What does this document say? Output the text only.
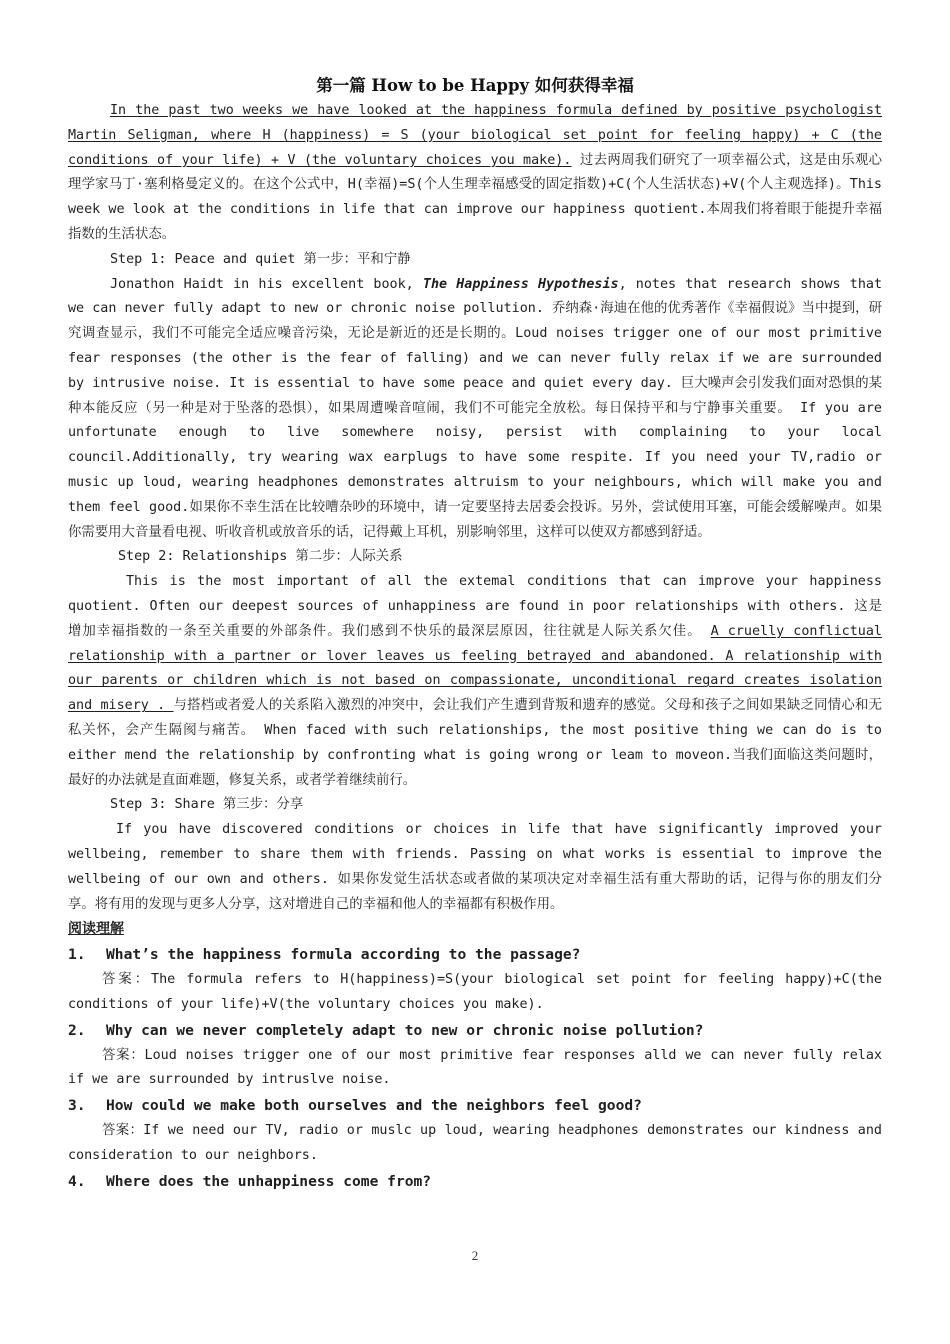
第一篇 How to be Happy 如何获得幸福

In the past two weeks we have looked at the happiness formula defined by positive psychologist Martin Seligman, where H (happiness) = S (your biological set point for feeling happy) + C (the conditions of your life) + V (the voluntary choices you make). 过去两周我们研究了一项幸福公式，这是由乐观心理学家马丁·塞利格曼定义的。在这个公式中，H(幸福)=S(个人生理幸福感受的固定指数)+C(个人生活状态)+V(个人主观选择)。This week we look at the conditions in life that can improve our happiness quotient.本周我们将着眼于能提升幸福指数的生活状态。

Step 1: Peace and quiet 第一步：平和宁静

Jonathon Haidt in his excellent book, The Happiness Hypothesis, notes that research shows that we can never fully adapt to new or chronic noise pollution. 乔纳森·海迪在他的优秀著作《幸福假说》当中提到，研究调查显示，我们不可能完全适应噪音污染，无论是新近的还是长期的。Loud noises trigger one of our most primitive fear responses (the other is the fear of falling) and we can never fully relax if we are surrounded by intrusive noise. It is essential to have some peace and quiet every day. 巨大噪声会引发我们面对恐惧的某种本能反应（另一种是对于坠落的恐惧），如果周遭噪音喧闹，我们不可能完全放松。每日保持平和与宁静事关重要。 If you are unfortunate enough to live somewhere noisy, persist with complaining to your local council.Additionally, try wearing wax earplugs to have some respite. If you need your TV,radio or music up loud, wearing headphones demonstrates altruism to your neighbours, which will make you and them feel good.如果你不幸生活在比较嘈杂吵的环境中，请一定要坚持去居委会投诉。另外，尝试使用耳塞，可能会缓解噪声。如果你需要用大音量看电视、听收音机或放音乐的话，记得戴上耳机，别影响邻里，这样可以使双方都感到舒适。

Step 2: Relationships 第二步：人际关系

This is the most important of all the extemal conditions that can improve your happiness quotient. Often our deepest sources of unhappiness are found in poor relationships with others. 这是增加幸福指数的一条至关重要的外部条件。我们感到不快乐的最深层原因，往往就是人际关系欠佳。 A cruelly conflictual relationship with a partner or lover leaves us feeling betrayed and abandoned. A relationship with our parents or children which is not based on compassionate, unconditional regard creates isolation and misery . 与搭档或者爱人的关系陷入激烈的冲突中，会让我们产生遭到背叛和遗弃的感觉。父母和孩子之间如果缺乏同情心和无私关怀，会产生隔阂与痛苦。 When faced with such relationships, the most positive thing we can do is to either mend the relationship by confronting what is going wrong or leam to moveon.当我们面临这类问题时，最好的办法就是直面难题，修复关系，或者学着继续前行。

Step 3: Share 第三步：分享

If you have discovered conditions or choices in life that have significantly improved your wellbeing, remember to share them with friends. Passing on what works is essential to improve the wellbeing of our own and others. 如果你发觉生活状态或者做的某项决定对幸福生活有重大帮助的话，记得与你的朋友们分享。将有用的发现与更多人分享，这对增进自己的幸福和他人的幸福都有积极作用。

阅读理解

1.	What’s the happiness formula according to the passage?

答案：The formula refers to H(happiness)=S(your biological set point for feeling happy)+C(the conditions of your life)+V(the voluntary choices you make).

2.	Why can we never completely adapt to new or chronic noise pollution?

答案：Loud noises trigger one of our most primitive fear responses alld we can never fully relax if we are surrounded by intruslve noise.

3.	How could we make both ourselves and the neighbors feel good?

答案：If we need our TV, radio or muslc up loud, wearing headphones demonstrates our kindness and consideration to our neighbors.

4.	Where does the unhappiness come from?
2
